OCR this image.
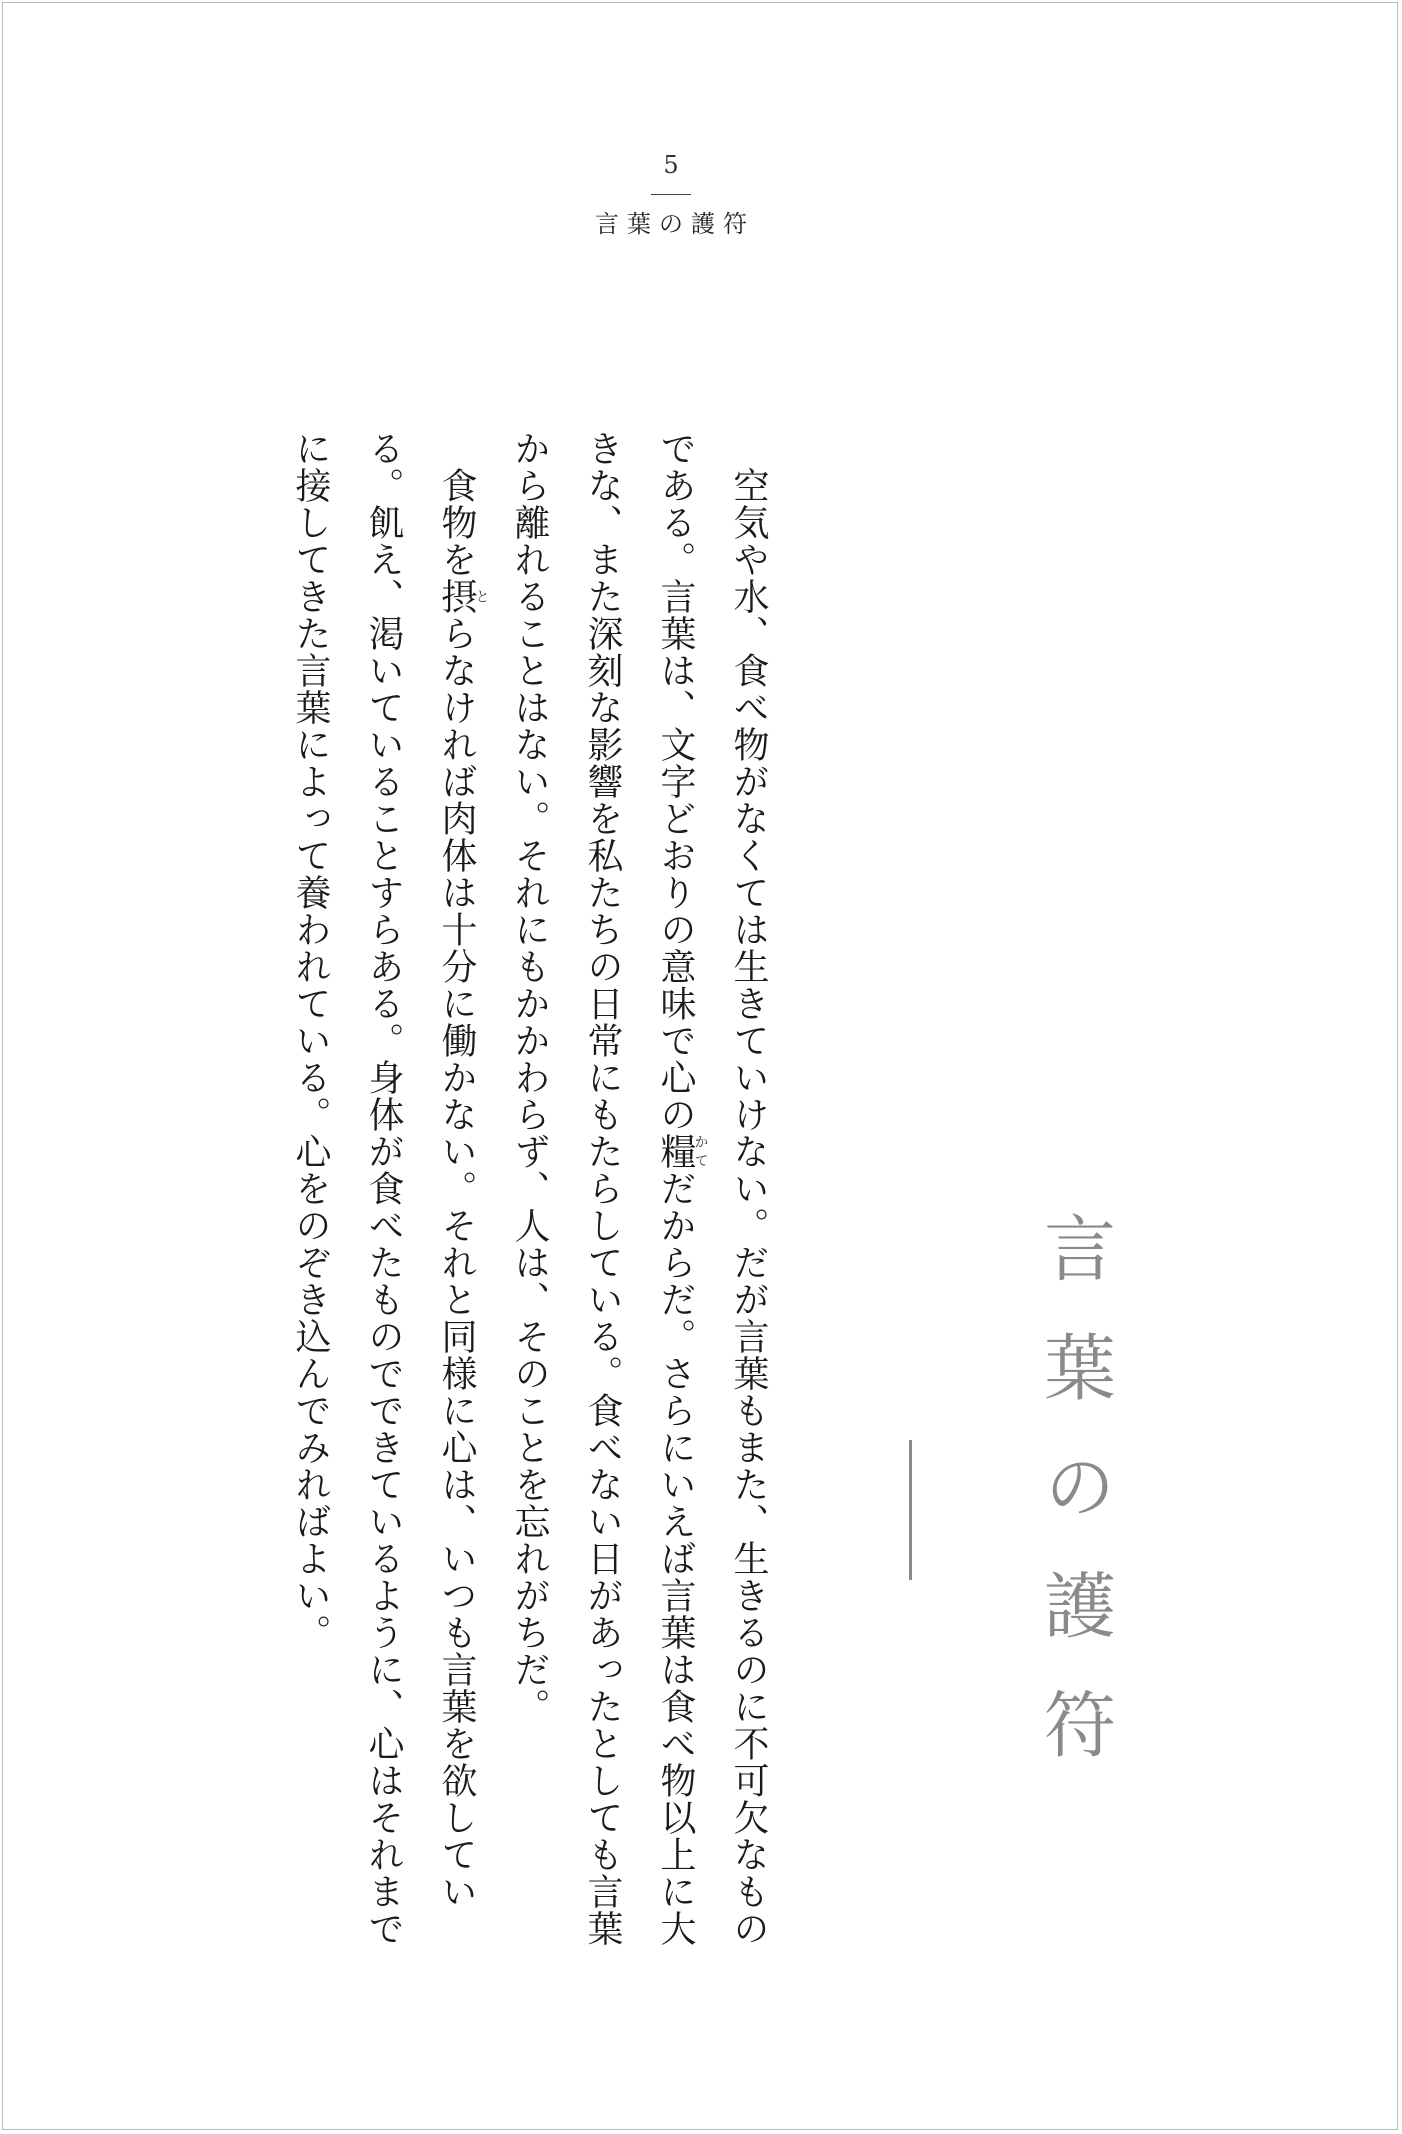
5
言葉の護符

　空気や水、食べ物がなくては生きていけない。だが言葉もまた、生きるのに不可欠なものである。言葉は、文字どおりの意味で心の糧かてだからだ。さらにいえば言葉は食べ物以上に大きな、また深刻な影響を私たちの日常にもたらしている。食べない日があったとしても言葉から離れることはない。それにもかかわらず、人は、そのことを忘れがちだ。

　食物を摂とらなければ肉体は十分に働かない。それと同様に心は、いつも言葉を欲している。飢え、渇いていることすらある。身体が食べたものでできているように、心はそれまでに接してきた言葉によって養われている。心をのぞき込んでみればよい。	言葉の護符
